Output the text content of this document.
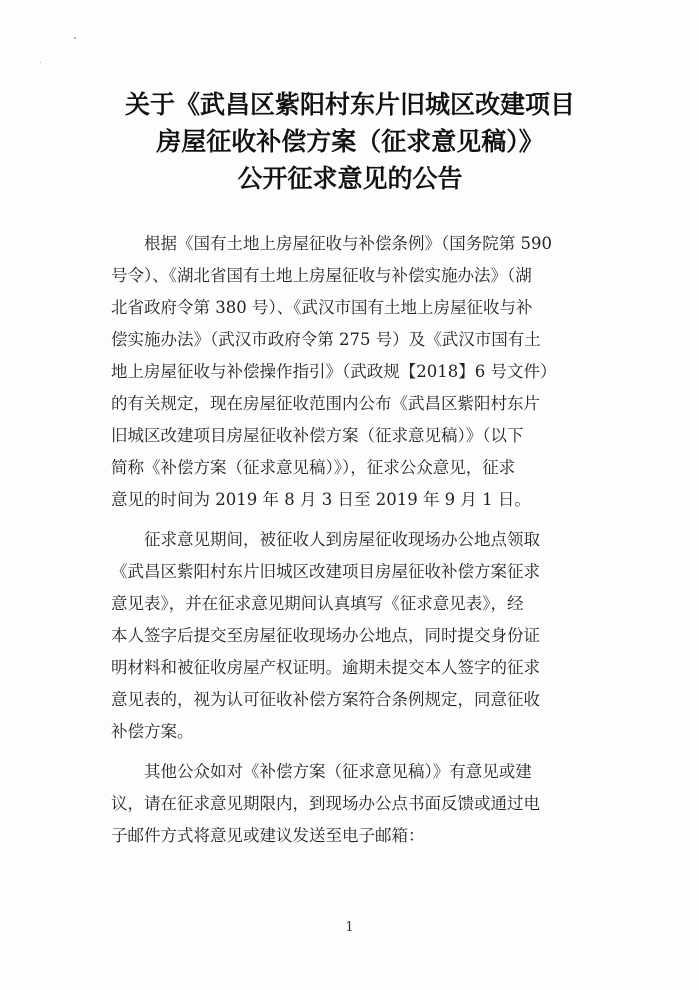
关于《武昌区紫阳村东片旧城区改建项目
房屋征收补偿方案（征求意见稿）》
公开征求意见的公告
根据《国有土地上房屋征收与补偿条例》（国务院第 590
号令）、《湖北省国有土地上房屋征收与补偿实施办法》（湖
北省政府令第 380 号）、《武汉市国有土地上房屋征收与补
偿实施办法》（武汉市政府令第 275 号）及《武汉市国有土
地上房屋征收与补偿操作指引》（武政规【2018】6 号文件）
的有关规定，现在房屋征收范围内公布《武昌区紫阳村东片
旧城区改建项目房屋征收补偿方案（征求意见稿）》（以下
简称《补偿方案（征求意见稿）》），征求公众意见，征求
意见的时间为 2019 年 8 月 3 日至 2019 年 9 月 1 日。
征求意见期间，被征收人到房屋征收现场办公地点领取
《武昌区紫阳村东片旧城区改建项目房屋征收补偿方案征求
意见表》，并在征求意见期间认真填写《征求意见表》，经
本人签字后提交至房屋征收现场办公地点，同时提交身份证
明材料和被征收房屋产权证明。逾期未提交本人签字的征求
意见表的，视为认可征收补偿方案符合条例规定，同意征收
补偿方案。
其他公众如对《补偿方案（征求意见稿）》有意见或建
议，请在征求意见期限内，到现场办公点书面反馈或通过电
子邮件方式将意见或建议发送至电子邮箱：
1
